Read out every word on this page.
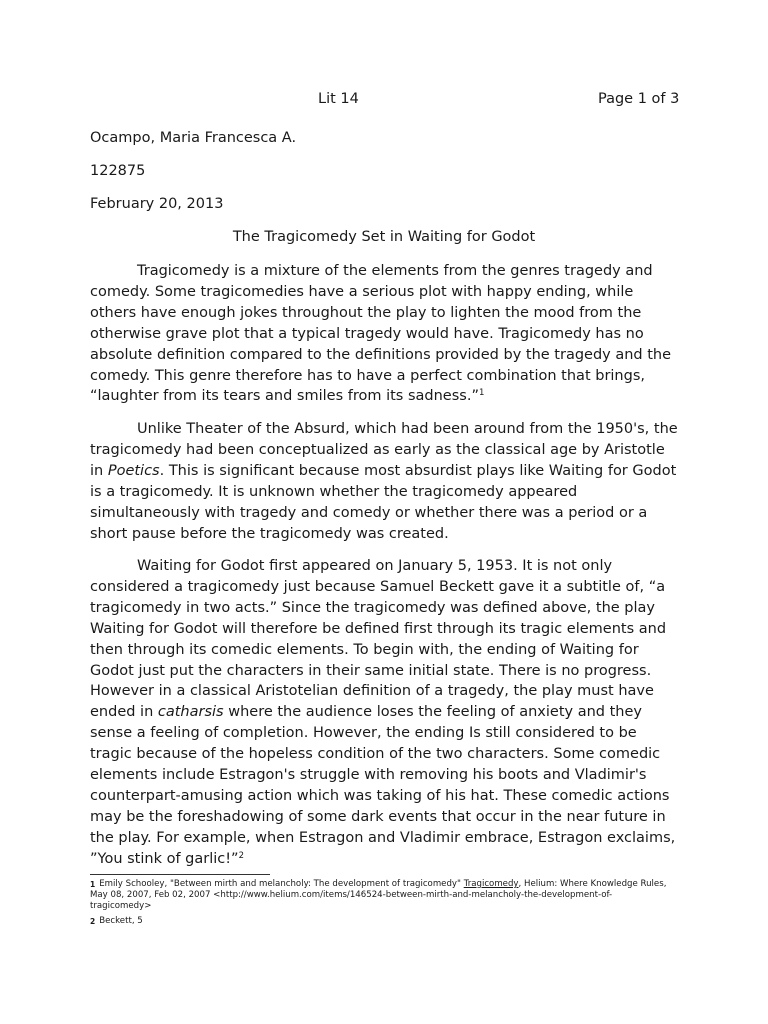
Lit 14	Page 1 of 3
Ocampo, Maria Francesca A.
122875
February 20, 2013
The Tragicomedy Set in Waiting for Godot

Tragicomedy is a mixture of the elements from the genres tragedy and comedy. Some tragicomedies have a serious plot with happy ending, while others have enough jokes throughout the play to lighten the mood from the otherwise grave plot that a typical tragedy would have. Tragicomedy has no absolute definition compared to the definitions provided by the tragedy and the comedy. This genre therefore has to have a perfect combination that brings, “laughter from its tears and smiles from its sadness.”$^1$

Unlike Theater of the Absurd, which had been around from the 1950's, the tragicomedy had been conceptualized as early as the classical age by Aristotle in Poetics. This is significant because most absurdist plays like Waiting for Godot is a tragicomedy. It is unknown whether the tragicomedy appeared simultaneously with tragedy and comedy or whether there was a period or a short pause before the tragicomedy was created.

Waiting for Godot first appeared on January 5, 1953. It is not only considered a tragicomedy just because Samuel Beckett gave it a subtitle of, “a tragicomedy in two acts.” Since the tragicomedy was defined above, the play Waiting for Godot will therefore be defined first through its tragic elements and then through its comedic elements. To begin with, the ending of Waiting for Godot just put the characters in their same initial state. There is no progress. However in a classical Aristotelian definition of a tragedy, the play must have ended in catharsis where the audience loses the feeling of anxiety and they sense a feeling of completion. However, the ending Is still considered to be tragic because of the hopeless condition of the two characters. Some comedic elements include Estragon's struggle with removing his boots and Vladimir's counterpart-amusing action which was taking of his hat. These comedic actions may be the foreshadowing of some dark events that occur in the near future in the play. For example, when Estragon and Vladimir embrace, Estragon exclaims, ”You stink of garlic!”$^2$

1 Emily Schooley, "Between mirth and melancholy: The development of tragicomedy" Tragicomedy, Helium: Where Knowledge Rules, May 08, 2007, Feb 02, 2007 <http://www.helium.com/items/146524-between-mirth-and-melancholy-the-development-of-tragicomedy>
2 Beckett, 5
